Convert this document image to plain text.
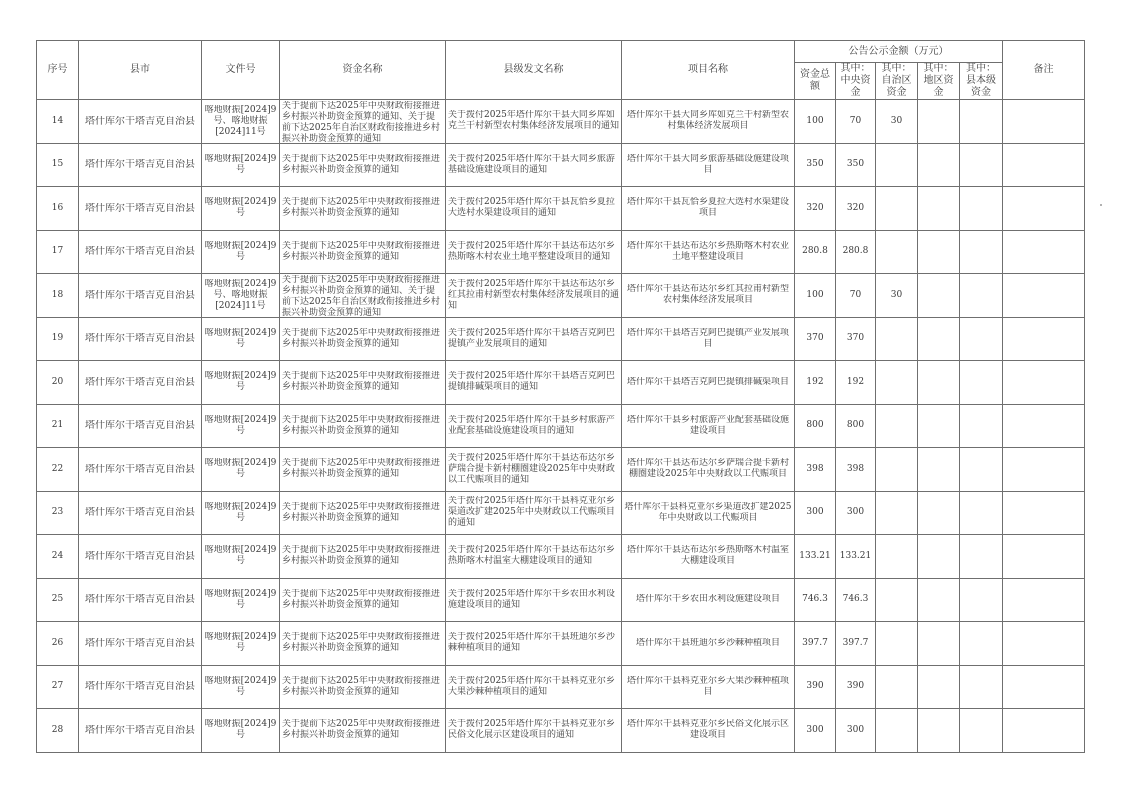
序号	县市	文件号	资金名称	县级发文名称	项目名称	公告公示金额（万元）					备注
						资金总额	其中：中央资金	其中：自治区资金	其中：地区资金	其中：县本级资金	

14	塔什库尔干塔吉克自治县	喀地财振[2024]9号、喀地财振[2024]11号	关于提前下达2025年中央财政衔接推进乡村振兴补助资金预算的通知、关于提前下达2025年自治区财政衔接推进乡村振兴补助资金预算的通知	关于拨付2025年塔什库尔干县大同乡库如克兰干村新型农村集体经济发展项目的通知	塔什库尔干县大同乡库如克兰干村新型农村集体经济发展项目	100	70	30			

15	塔什库尔干塔吉克自治县	喀地财振[2024]9号	关于提前下达2025年中央财政衔接推进乡村振兴补助资金预算的通知	关于拨付2025年塔什库尔干县大同乡旅游基础设施建设项目的通知	塔什库尔干县大同乡旅游基础设施建设项目	350	350				

16	塔什库尔干塔吉克自治县	喀地财振[2024]9号	关于提前下达2025年中央财政衔接推进乡村振兴补助资金预算的通知	关于拨付2025年塔什库尔干县瓦恰乡夏拉大选村水渠建设项目的通知	塔什库尔干县瓦恰乡夏拉大选村水渠建设项目	320	320				

17	塔什库尔干塔吉克自治县	喀地财振[2024]9号	关于提前下达2025年中央财政衔接推进乡村振兴补助资金预算的通知	关于拨付2025年塔什库尔干县达布达尔乡热斯喀木村农业土地平整建设项目的通知	塔什库尔干县达布达尔乡热斯喀木村农业土地平整建设项目	280.8	280.8				

18	塔什库尔干塔吉克自治县	喀地财振[2024]9号、喀地财振[2024]11号	关于提前下达2025年中央财政衔接推进乡村振兴补助资金预算的通知、关于提前下达2025年自治区财政衔接推进乡村振兴补助资金预算的通知	关于拨付2025年塔什库尔干县达布达尔乡红其拉甫村新型农村集体经济发展项目的通知	塔什库尔干县达布达尔乡红其拉甫村新型农村集体经济发展项目	100	70	30			

19	塔什库尔干塔吉克自治县	喀地财振[2024]9号	关于提前下达2025年中央财政衔接推进乡村振兴补助资金预算的通知	关于拨付2025年塔什库尔干县塔吉克阿巴提镇产业发展项目的通知	塔什库尔干县塔吉克阿巴提镇产业发展项目	370	370				

20	塔什库尔干塔吉克自治县	喀地财振[2024]9号	关于提前下达2025年中央财政衔接推进乡村振兴补助资金预算的通知	关于拨付2025年塔什库尔干县塔吉克阿巴提镇排碱渠项目的通知	塔什库尔干县塔吉克阿巴提镇排碱渠项目	192	192				

21	塔什库尔干塔吉克自治县	喀地财振[2024]9号	关于提前下达2025年中央财政衔接推进乡村振兴补助资金预算的通知	关于拨付2025年塔什库尔干县乡村旅游产业配套基础设施建设项目的通知	塔什库尔干县乡村旅游产业配套基础设施建设项目	800	800				

22	塔什库尔干塔吉克自治县	喀地财振[2024]9号	关于提前下达2025年中央财政衔接推进乡村振兴补助资金预算的通知	关于拨付2025年塔什库尔干县达布达尔乡萨瑞合提卡新村棚圈建设2025年中央财政以工代赈项目的通知	塔什库尔干县达布达尔乡萨瑞合提卡新村棚圈建设2025年中央财政以工代赈项目	398	398				

23	塔什库尔干塔吉克自治县	喀地财振[2024]9号	关于提前下达2025年中央财政衔接推进乡村振兴补助资金预算的通知	关于拨付2025年塔什库尔干县科克亚尔乡渠道改扩建2025年中央财政以工代赈项目的通知	塔什库尔干县科克亚尔乡渠道改扩建2025年中央财政以工代赈项目	300	300				

24	塔什库尔干塔吉克自治县	喀地财振[2024]9号	关于提前下达2025年中央财政衔接推进乡村振兴补助资金预算的通知	关于拨付2025年塔什库尔干县达布达尔乡热斯喀木村温室大棚建设项目的通知	塔什库尔干县达布达尔乡热斯喀木村温室大棚建设项目	133.21	133.21				

25	塔什库尔干塔吉克自治县	喀地财振[2024]9号	关于提前下达2025年中央财政衔接推进乡村振兴补助资金预算的通知	关于拨付2025年塔什库尔干乡农田水利设施建设项目的通知	塔什库尔干乡农田水利设施建设项目	746.3	746.3				

26	塔什库尔干塔吉克自治县	喀地财振[2024]9号	关于提前下达2025年中央财政衔接推进乡村振兴补助资金预算的通知	关于拨付2025年塔什库尔干县班迪尔乡沙棘种植项目的通知	塔什库尔干县班迪尔乡沙棘种植项目	397.7	397.7				

27	塔什库尔干塔吉克自治县	喀地财振[2024]9号	关于提前下达2025年中央财政衔接推进乡村振兴补助资金预算的通知	关于拨付2025年塔什库尔干县科克亚尔乡大果沙棘种植项目的通知	塔什库尔干县科克亚尔乡大果沙棘种植项目	390	390				

28	塔什库尔干塔吉克自治县	喀地财振[2024]9号	关于提前下达2025年中央财政衔接推进乡村振兴补助资金预算的通知	关于拨付2025年塔什库尔干县科克亚尔乡民俗文化展示区建设项目的通知	塔什库尔干县科克亚尔乡民俗文化展示区建设项目	300	300				
